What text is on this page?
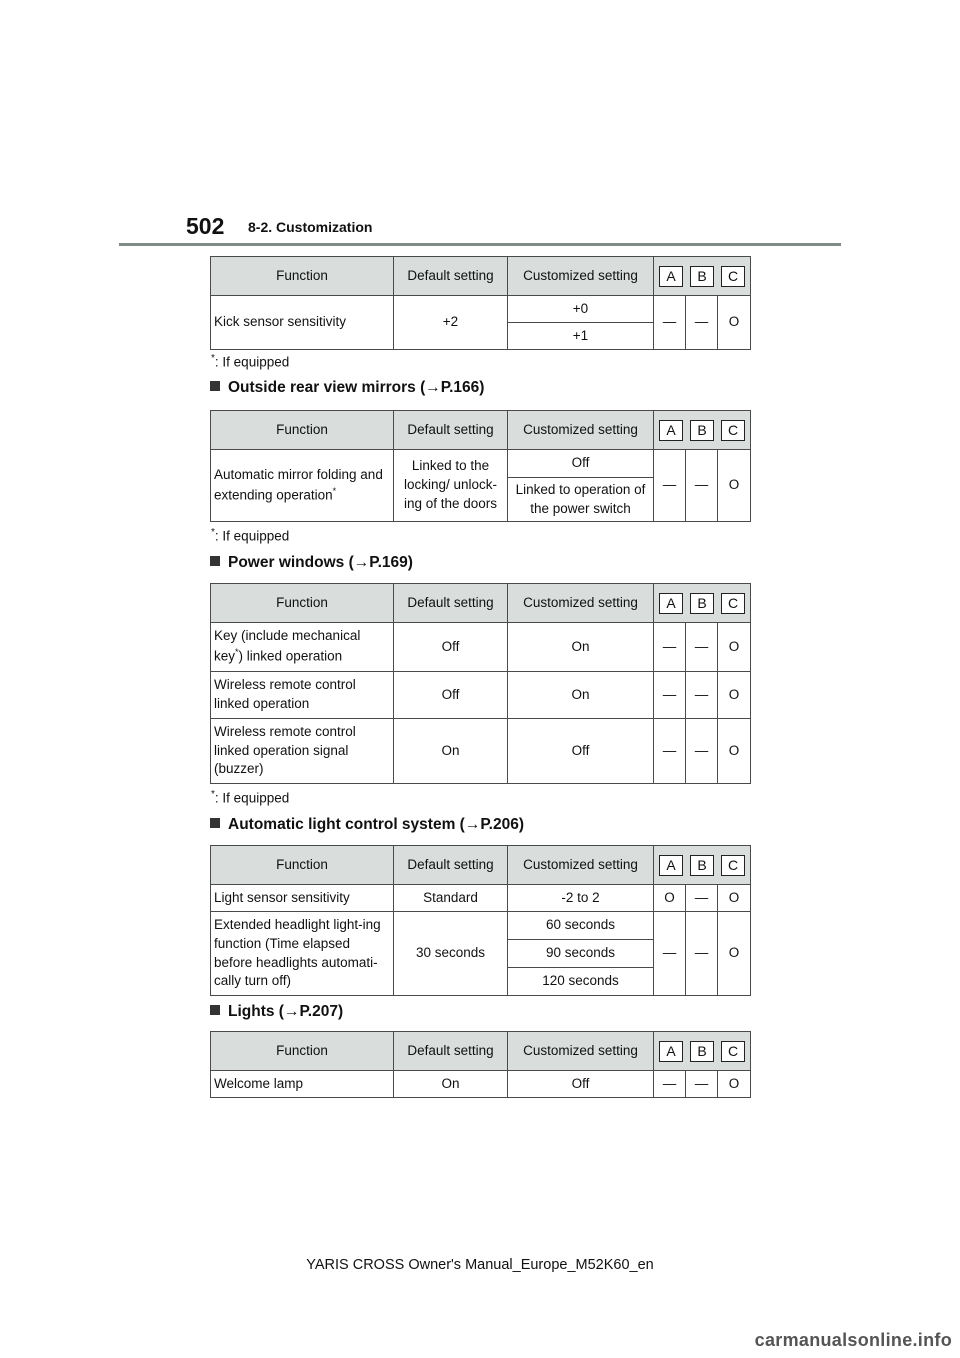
502 8-2. Customization
Function	Default setting	Customized setting	A B C		

Kick sensor sensitivity	+2	+0	—	—	O
		+1			
*: If equipped
Outside rear view mirrors (→P.166)
Function	Default setting	Customized setting	A B C		

Automatic mirror folding and extending operation*	Linked to the locking/ unlock-ing of the doors	Off	—	—	O
		Linked to operation of the power switch			
*: If equipped
Power windows (→P.169)
Function	Default setting	Customized setting	A B C		

Key (include mechanical key*) linked operation	Off	On	—	—	O
Wireless remote control linked operation	Off	On	—	—	O
Wireless remote control linked operation signal (buzzer)	On	Off	—	—	O
*: If equipped
Automatic light control system (→P.206)
Function	Default setting	Customized setting	A B C		

Light sensor sensitivity	Standard	-2 to 2	O	—	O
Extended headlight light-ing function (Time elapsed before headlights automati-cally turn off)	30 seconds	60 seconds	—	—	O
		90 seconds			
		120 seconds			
Lights (→P.207)
Function	Default setting	Customized setting	A B C		

Welcome lamp	On	Off	—	—	O
YARIS CROSS Owner's Manual_Europe_M52K60_en
carmanualsonline.info
